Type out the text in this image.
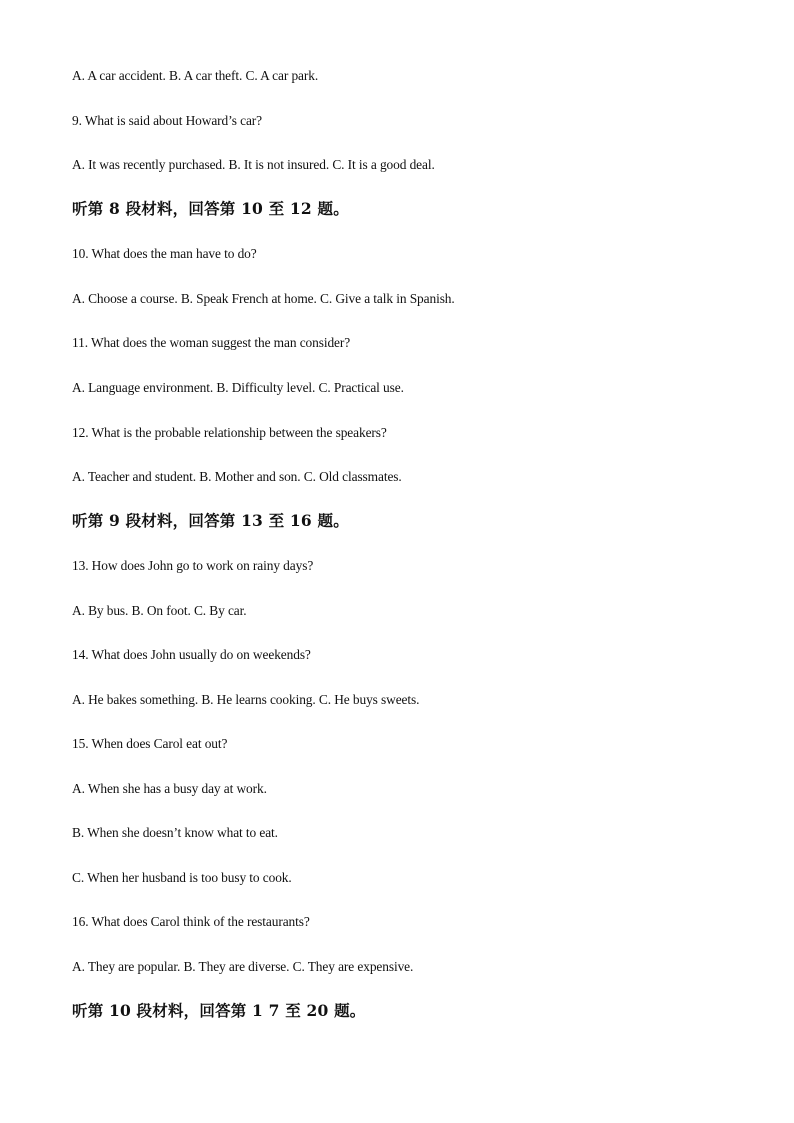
A. A car accident. B. A car theft. C. A car park.
9. What is said about Howard’s car?
A. It was recently purchased. B. It is not insured. C. It is a good deal.
听第 8 段材料，回答第 10 至 12 题。
10. What does the man have to do?
A. Choose a course. B. Speak French at home. C. Give a talk in Spanish.
11. What does the woman suggest the man consider?
A. Language environment. B. Difficulty level. C. Practical use.
12. What is the probable relationship between the speakers?
A. Teacher and student. B. Mother and son. C. Old classmates.
听第 9 段材料，回答第 13 至 16 题。
13. How does John go to work on rainy days?
A. By bus. B. On foot. C. By car.
14. What does John usually do on weekends?
A. He bakes something. B. He learns cooking. C. He buys sweets.
15. When does Carol eat out?
A. When she has a busy day at work.
B. When she doesn’t know what to eat.
C. When her husband is too busy to cook.
16. What does Carol think of the restaurants?
A. They are popular. B. They are diverse. C. They are expensive.
听第 10 段材料，回答第 1 7 至 20 题。
